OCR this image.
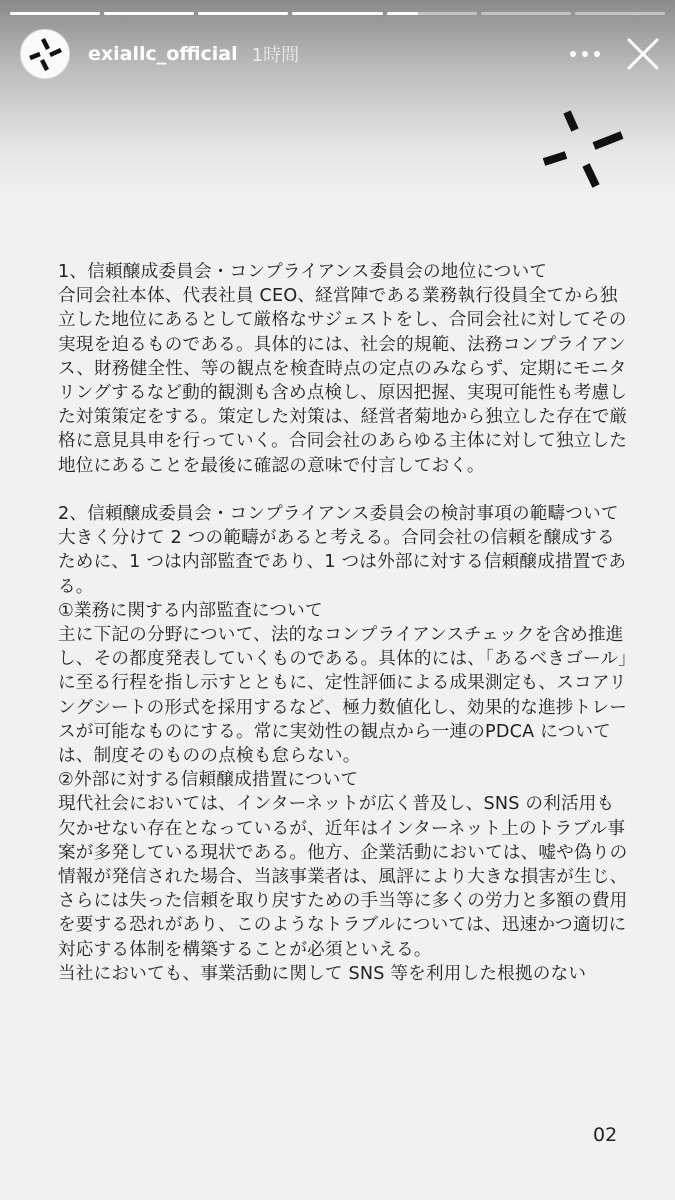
exiallc_official 1時間

1、信頼醸成委員会・コンプライアンス委員会の地位について

合同会社本体、代表社員 CEO、経営陣である業務執行役員全てから独立した地位にあるとして厳格なサジェストをし、合同会社に対してその実現を迫るものである。具体的には、社会的規範、法務コンプライアンス、財務健全性、等の観点を検査時点の定点のみならず、定期にモニタリングするなど動的観測も含め点検し、原因把握、実現可能性も考慮した対策策定をする。策定した対策は、経営者菊地から独立した存在で厳格に意見具申を行っていく。合同会社のあらゆる主体に対して独立した地位にあることを最後に確認の意味で付言しておく。

2、信頼醸成委員会・コンプライアンス委員会の検討事項の範疇ついて

大きく分けて 2 つの範疇があると考える。合同会社の信頼を醸成するために、1 つは内部監査であり、1 つは外部に対する信頼醸成措置である。

①業務に関する内部監査について

主に下記の分野について、法的なコンプライアンスチェックを含め推進し、その都度発表していくものである。具体的には、「あるべきゴール」に至る行程を指し示すとともに、定性評価による成果測定も、スコアリングシートの形式を採用するなど、極力数値化し、効果的な進捗トレースが可能なものにする。常に実効性の観点から一連のPDCA については、制度そのものの点検も怠らない。

②外部に対する信頼醸成措置について

現代社会においては、インターネットが広く普及し、SNS の利活用も欠かせない存在となっているが、近年はインターネット上のトラブル事案が多発している現状である。他方、企業活動においては、嘘や偽りの情報が発信された場合、当該事業者は、風評により大きな損害が生じ、さらには失った信頼を取り戻すための手当等に多くの労力と多額の費用を要する恐れがあり、このようなトラブルについては、迅速かつ適切に対応する体制を構築することが必須といえる。

当社においても、事業活動に関して SNS 等を利用した根拠のない

02
